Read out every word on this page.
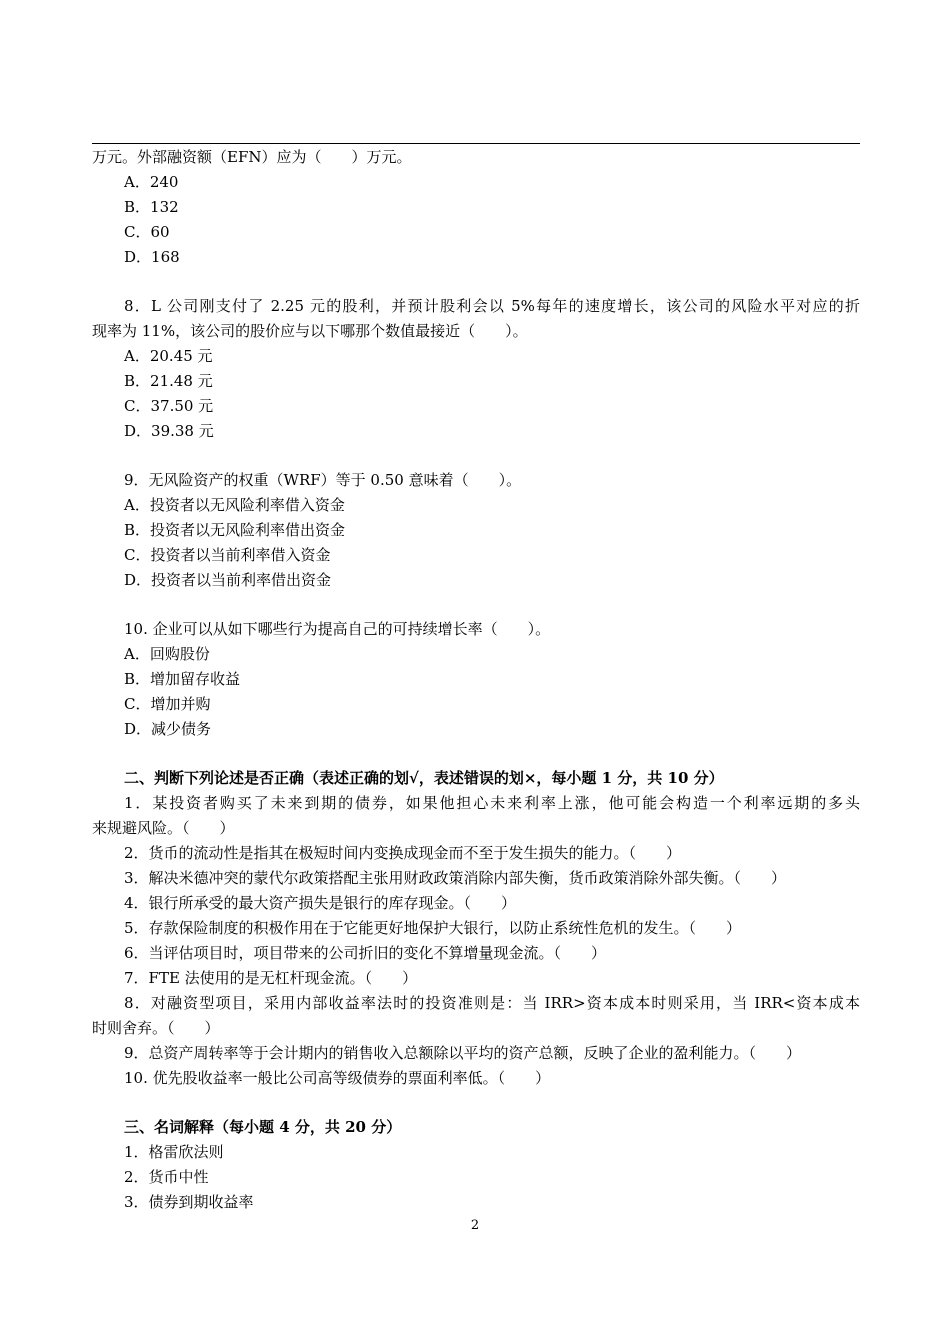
万元。外部融资额（EFN）应为（　　）万元。
A．240
B．132
C．60
D．168
8．L 公司刚支付了 2.25 元的股利，并预计股利会以 5%每年的速度增长，该公司的风险水平对应的折
现率为 11%，该公司的股价应与以下哪那个数值最接近（　　）。
A．20.45 元
B．21.48 元
C．37.50 元
D．39.38 元
9．无风险资产的权重（WRF）等于 0.50 意味着（　　）。
A．投资者以无风险利率借入资金
B．投资者以无风险利率借出资金
C．投资者以当前利率借入资金
D．投资者以当前利率借出资金
10. 企业可以从如下哪些行为提高自己的可持续增长率（　　）。
A．回购股份
B．增加留存收益
C．增加并购
D．减少债务
二、判断下列论述是否正确（表述正确的划√，表述错误的划×，每小题 1 分，共 10 分）
1．某投资者购买了未来到期的债券，如果他担心未来利率上涨，他可能会构造一个利率远期的多头
来规避风险。（　　）
2．货币的流动性是指其在极短时间内变换成现金而不至于发生损失的能力。（　　）
3．解决米德冲突的蒙代尔政策搭配主张用财政政策消除内部失衡，货币政策消除外部失衡。（　　）
4．银行所承受的最大资产损失是银行的库存现金。（　　）
5．存款保险制度的积极作用在于它能更好地保护大银行，以防止系统性危机的发生。（　　）
6．当评估项目时，项目带来的公司折旧的变化不算增量现金流。（　　）
7．FTE 法使用的是无杠杆现金流。（　　）
8．对融资型项目，采用内部收益率法时的投资准则是：当 IRR>资本成本时则采用，当 IRR<资本成本
时则舍弃。（　　）
9．总资产周转率等于会计期内的销售收入总额除以平均的资产总额，反映了企业的盈利能力。（　　）
10. 优先股收益率一般比公司高等级债券的票面利率低。（　　）
三、名词解释（每小题 4 分，共 20 分）
1．格雷欣法则
2．货币中性
3．债券到期收益率
2
